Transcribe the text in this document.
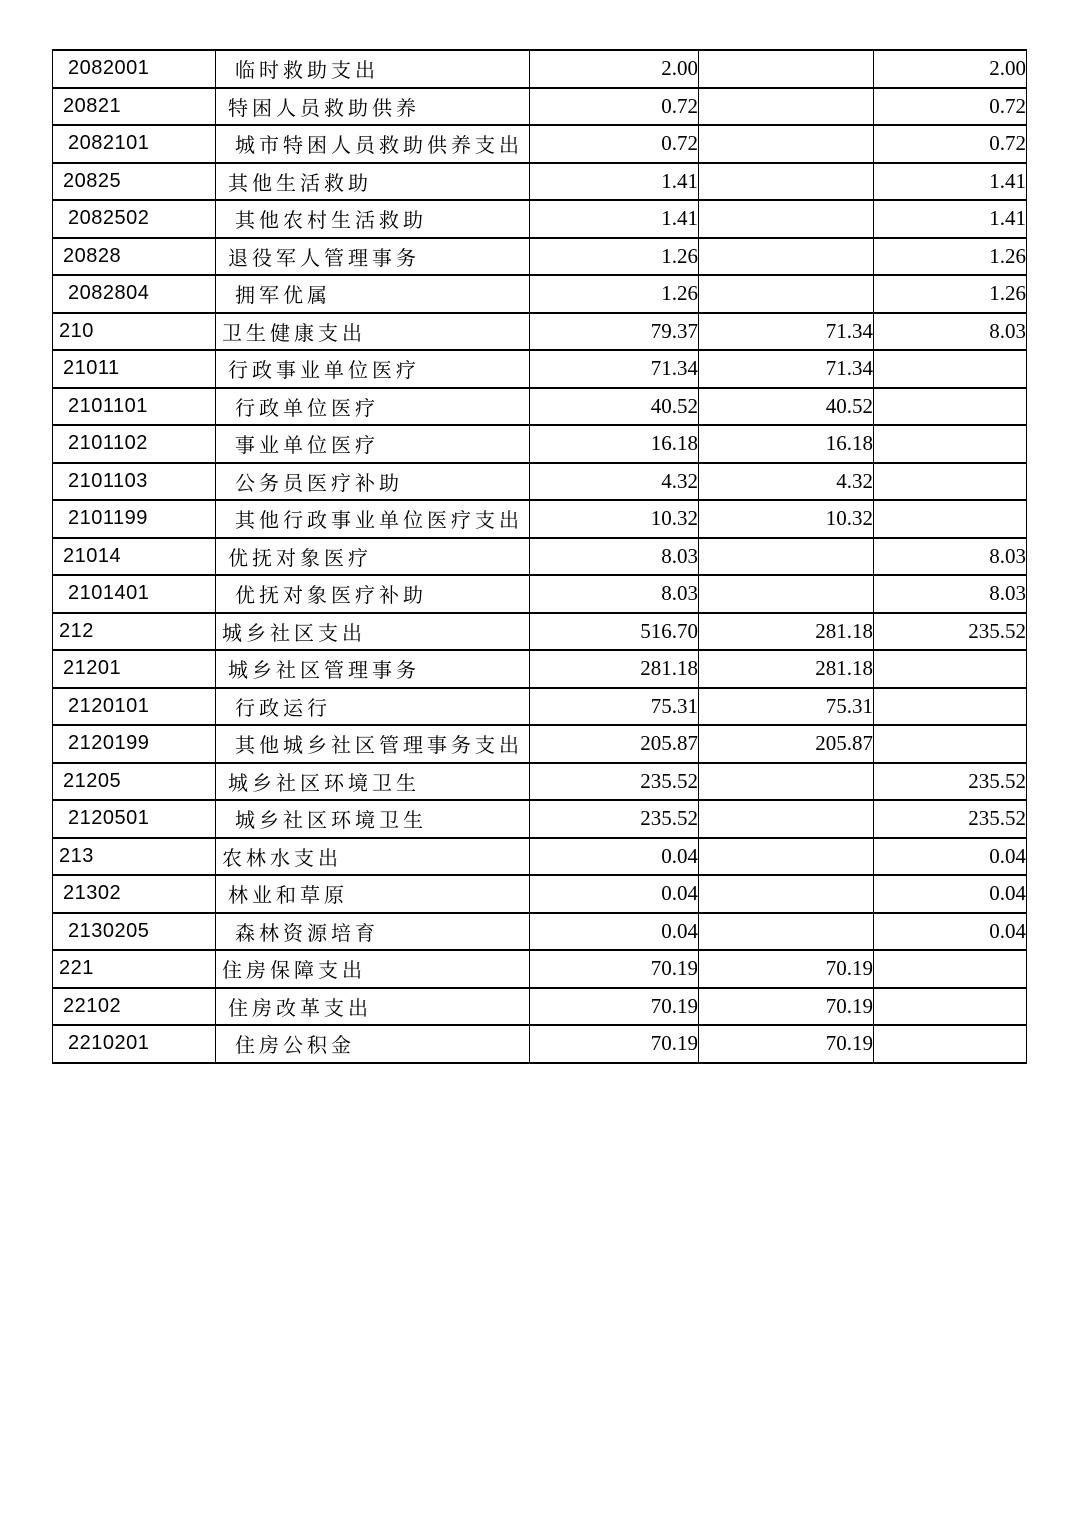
2082001	临时救助支出	2.00		2.00
20821	特困人员救助供养	0.72		0.72
2082101	城市特困人员救助供养支出	0.72		0.72
20825	其他生活救助	1.41		1.41
2082502	其他农村生活救助	1.41		1.41
20828	退役军人管理事务	1.26		1.26
2082804	拥军优属	1.26		1.26
210	卫生健康支出	79.37	71.34	8.03
21011	行政事业单位医疗	71.34	71.34	
2101101	行政单位医疗	40.52	40.52	
2101102	事业单位医疗	16.18	16.18	
2101103	公务员医疗补助	4.32	4.32	
2101199	其他行政事业单位医疗支出	10.32	10.32	
21014	优抚对象医疗	8.03		8.03
2101401	优抚对象医疗补助	8.03		8.03
212	城乡社区支出	516.70	281.18	235.52
21201	城乡社区管理事务	281.18	281.18	
2120101	行政运行	75.31	75.31	
2120199	其他城乡社区管理事务支出	205.87	205.87	
21205	城乡社区环境卫生	235.52		235.52
2120501	城乡社区环境卫生	235.52		235.52
213	农林水支出	0.04		0.04
21302	林业和草原	0.04		0.04
2130205	森林资源培育	0.04		0.04
221	住房保障支出	70.19	70.19	
22102	住房改革支出	70.19	70.19	
2210201	住房公积金	70.19	70.19	
